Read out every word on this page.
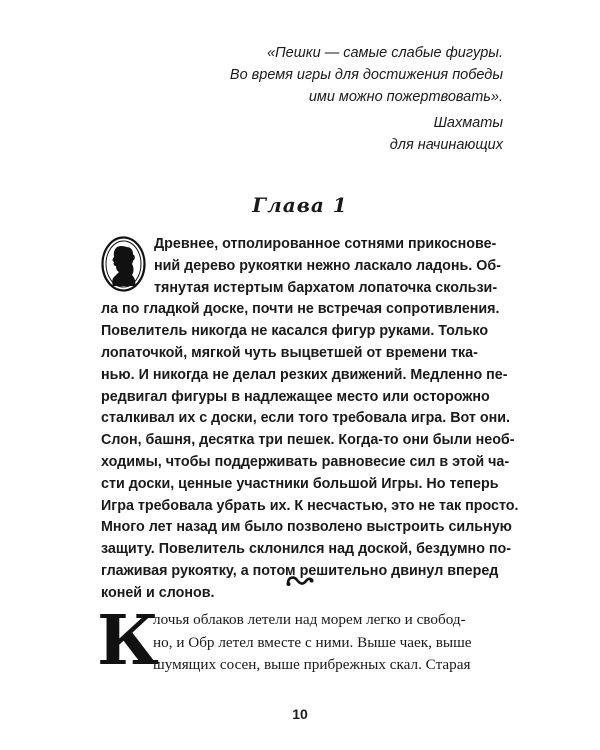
«Пешки — самые слабые фигуры.
Во время игры для достижения победы
ими можно пожертвовать».
Шахматы
для начинающих
Глава 1
Древнее, отполированное сотнями прикоснове-
ний дерево рукоятки нежно ласкало ладонь. Об-
тянутая истертым бархатом лопаточка скользи-
ла по гладкой доске, почти не встречая сопротивления.
Повелитель никогда не касался фигур руками. Только
лопаточкой, мягкой чуть выцветшей от времени тка-
нью. И никогда не делал резких движений. Медленно пе-
редвигал фигуры в надлежащее место или осторожно
сталкивал их с доски, если того требовала игра. Вот они.
Слон, башня, десятка три пешек. Когда-то они были необ-
ходимы, чтобы поддерживать равновесие сил в этой ча-
сти доски, ценные участники большой Игры. Но теперь
Игра требовала убрать их. К несчастью, это не так просто.
Много лет назад им было позволено выстроить сильную
защиту. Повелитель склонился над доской, бездумно по-
глаживая рукоятку, а потом решительно двинул вперед
коней и слонов.
К
лочья облаков летели над морем легко и свобод-
но, и Обр летел вместе с ними. Выше чаек, выше
шумящих сосен, выше прибрежных скал. Старая
10
